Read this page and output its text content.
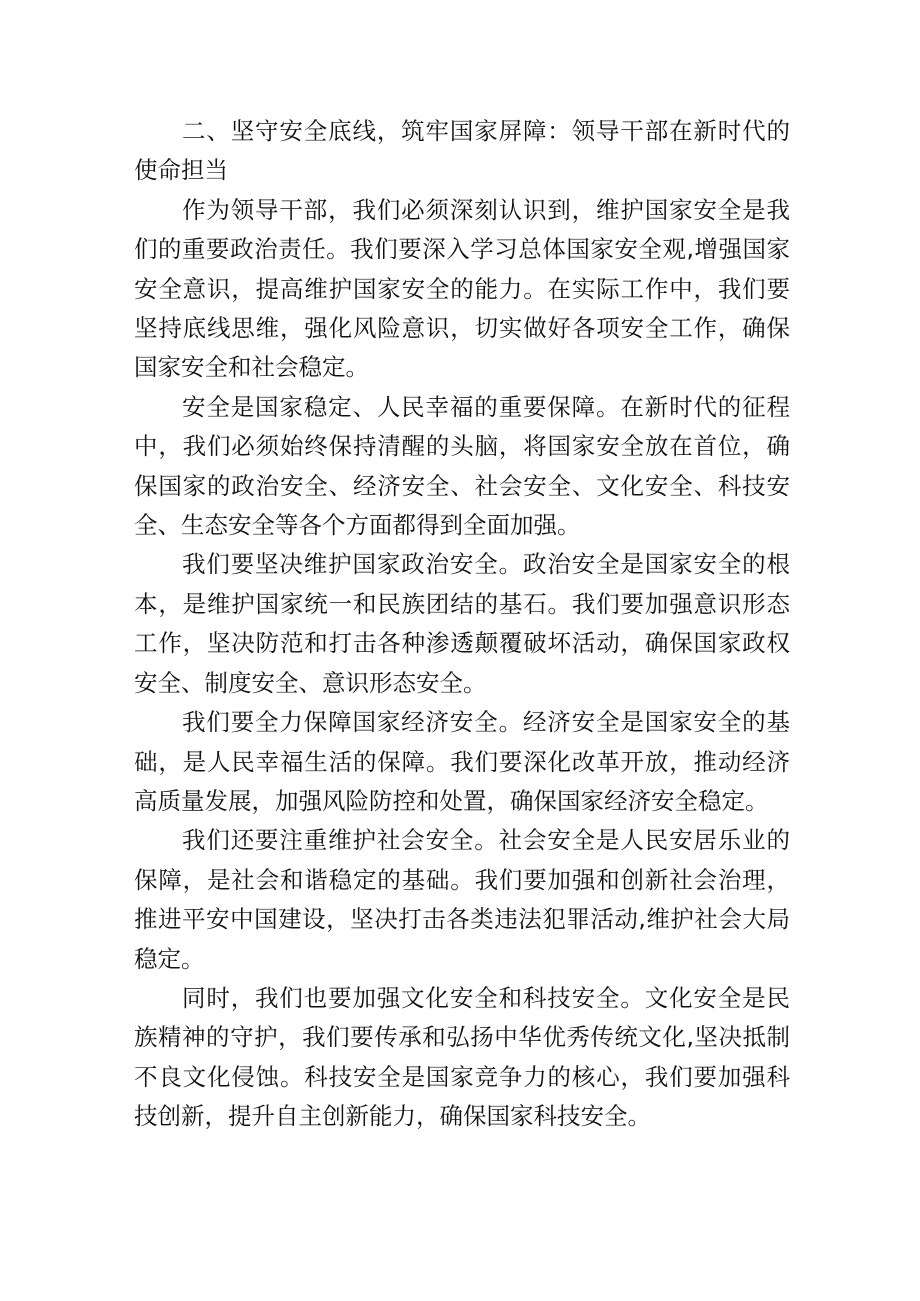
二、坚守安全底线，筑牢国家屏障：领导干部在新时代的使命担当

作为领导干部，我们必须深刻认识到，维护国家安全是我们的重要政治责任。我们要深入学习总体国家安全观,增强国家安全意识，提高维护国家安全的能力。在实际工作中，我们要坚持底线思维，强化风险意识，切实做好各项安全工作，确保国家安全和社会稳定。

安全是国家稳定、人民幸福的重要保障。在新时代的征程中，我们必须始终保持清醒的头脑，将国家安全放在首位，确保国家的政治安全、经济安全、社会安全、文化安全、科技安全、生态安全等各个方面都得到全面加强。

我们要坚决维护国家政治安全。政治安全是国家安全的根本，是维护国家统一和民族团结的基石。我们要加强意识形态工作，坚决防范和打击各种渗透颠覆破坏活动，确保国家政权安全、制度安全、意识形态安全。

我们要全力保障国家经济安全。经济安全是国家安全的基础，是人民幸福生活的保障。我们要深化改革开放，推动经济高质量发展，加强风险防控和处置，确保国家经济安全稳定。

我们还要注重维护社会安全。社会安全是人民安居乐业的保障，是社会和谐稳定的基础。我们要加强和创新社会治理，推进平安中国建设，坚决打击各类违法犯罪活动,维护社会大局稳定。

同时，我们也要加强文化安全和科技安全。文化安全是民族精神的守护，我们要传承和弘扬中华优秀传统文化,坚决抵制不良文化侵蚀。科技安全是国家竞争力的核心，我们要加强科技创新，提升自主创新能力，确保国家科技安全。
